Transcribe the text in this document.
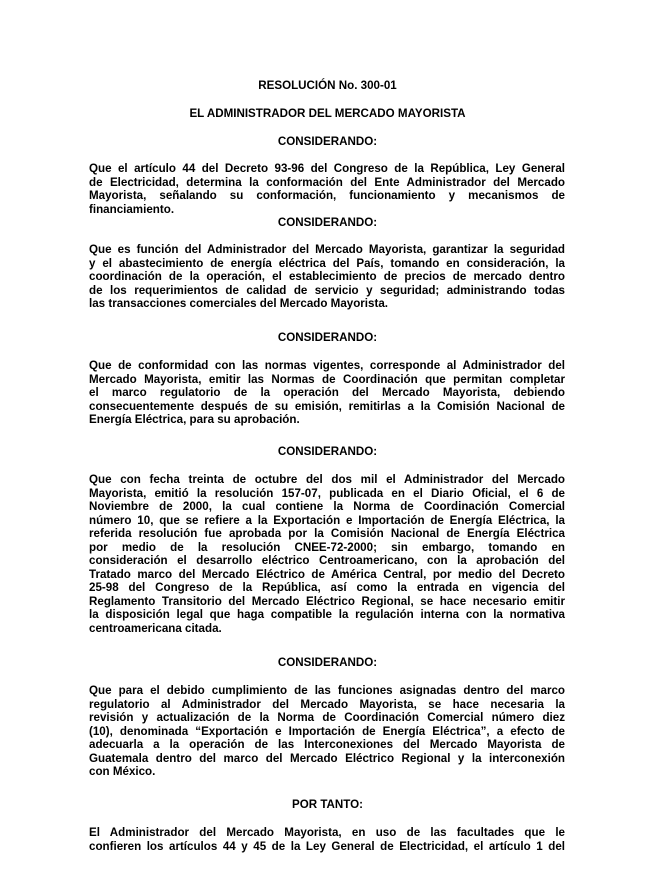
RESOLUCIÓN No. 300-01
EL ADMINISTRADOR DEL MERCADO MAYORISTA
CONSIDERANDO:
Que el artículo 44 del Decreto 93-96 del Congreso de la República, Ley General
de Electricidad, determina la conformación del Ente Administrador del Mercado
Mayorista, señalando su conformación, funcionamiento y mecanismos de
financiamiento.
CONSIDERANDO:
Que es función del Administrador del Mercado Mayorista, garantizar la seguridad
y el abastecimiento de energía eléctrica del País, tomando en consideración, la
coordinación de la operación, el establecimiento de precios de mercado dentro
de los requerimientos de calidad de servicio y seguridad; administrando todas
las transacciones comerciales del Mercado Mayorista.
CONSIDERANDO:
Que de conformidad con las normas vigentes, corresponde al Administrador del
Mercado Mayorista, emitir las Normas de Coordinación que permitan completar
el marco regulatorio de la operación del Mercado Mayorista, debiendo
consecuentemente después de su emisión, remitirlas a la Comisión Nacional de
Energía Eléctrica, para su aprobación.
CONSIDERANDO:
Que con fecha treinta de octubre del dos mil el Administrador del Mercado
Mayorista, emitió la resolución 157-07, publicada en el Diario Oficial, el 6 de
Noviembre de 2000, la cual contiene la Norma de Coordinación Comercial
número 10, que se refiere a la Exportación e Importación de Energía Eléctrica, la
referida resolución fue aprobada por la Comisión Nacional de Energía Eléctrica
por medio de la resolución CNEE-72-2000; sin embargo, tomando en
consideración el desarrollo eléctrico Centroamericano, con la aprobación del
Tratado marco del Mercado Eléctrico de América Central, por medio del Decreto
25-98 del Congreso de la República, así como la entrada en vigencia del
Reglamento Transitorio del Mercado Eléctrico Regional, se hace necesario emitir
la disposición legal que haga compatible la regulación interna con la normativa
centroamericana citada.
CONSIDERANDO:
Que para el debido cumplimiento de las funciones asignadas dentro del marco
regulatorio al Administrador del Mercado Mayorista, se hace necesaria la
revisión y actualización de la Norma de Coordinación Comercial número diez
(10), denominada “Exportación e Importación de Energía Eléctrica”, a efecto de
adecuarla a la operación de las Interconexiones del Mercado Mayorista de
Guatemala dentro del marco del Mercado Eléctrico Regional y la interconexión
con México.
POR TANTO:
El Administrador del Mercado Mayorista, en uso de las facultades que le
confieren los artículos 44 y 45 de la Ley General de Electricidad, el artículo 1 del
